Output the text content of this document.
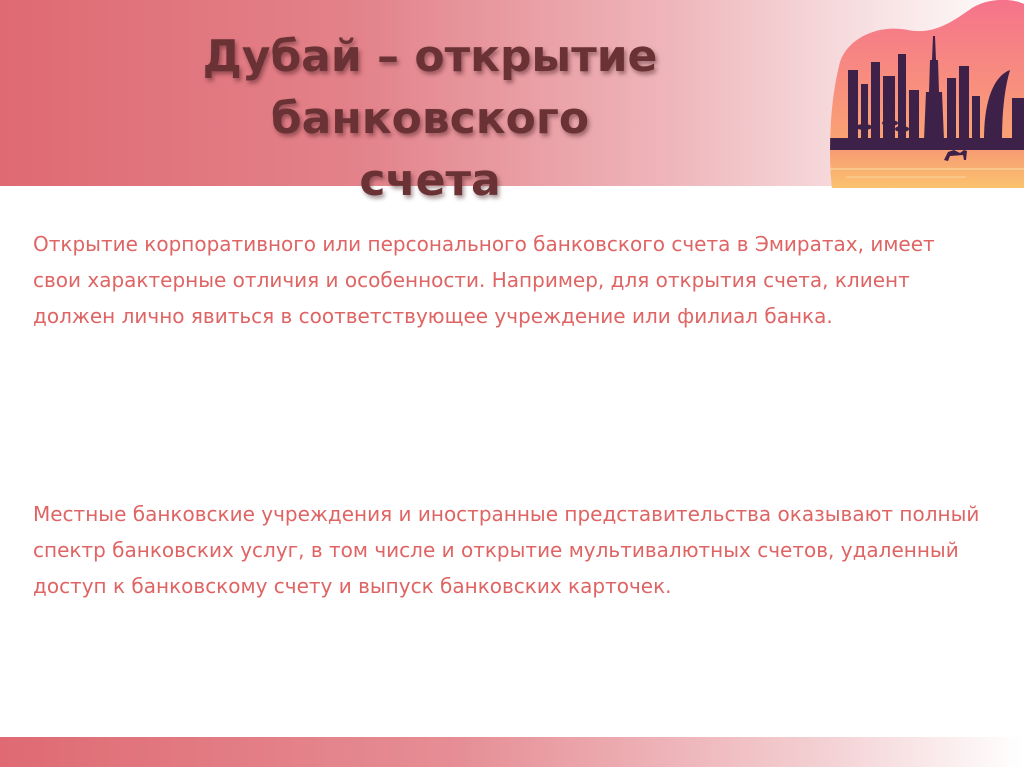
Дубай – открытие банковского
счета

Открытие корпоративного или персонального банковского счета в Эмиратах, имеет свои характерные отличия и особенности. Например, для открытия счета, клиент должен лично явиться в соответствующее учреждение или филиал банка.

Местные банковские учреждения и иностранные представительства оказывают полный спектр банковских услуг, в том числе и открытие мультивалютных счетов, удаленный доступ к банковскому счету и выпуск банковских карточек.
